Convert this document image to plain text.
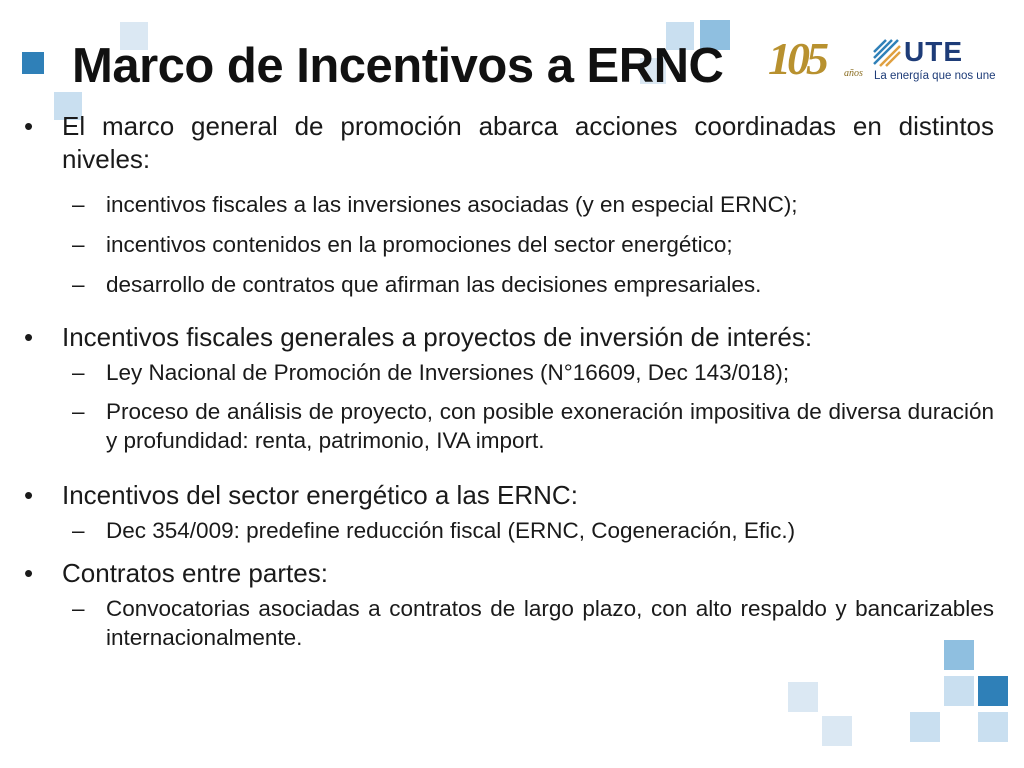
Marco de Incentivos a ERNC 105 años
UTE
La energía que nos une
• El marco general de promoción abarca acciones coordinadas en distintos niveles:
– incentivos fiscales a las inversiones asociadas (y en especial ERNC);
– incentivos contenidos en la promociones del sector energético;
– desarrollo de contratos que afirman las decisiones empresariales.
• Incentivos fiscales generales a proyectos de inversión de interés:
– Ley Nacional de Promoción de Inversiones (N°16609, Dec 143/018);
– Proceso de análisis de proyecto, con posible exoneración impositiva de diversa duración y profundidad: renta, patrimonio, IVA import.
• Incentivos del sector energético a las ERNC:
– Dec 354/009: predefine reducción fiscal (ERNC, Cogeneración, Efic.)
• Contratos entre partes:
– Convocatorias asociadas a contratos de largo plazo, con alto respaldo y bancarizables internacionalmente.
